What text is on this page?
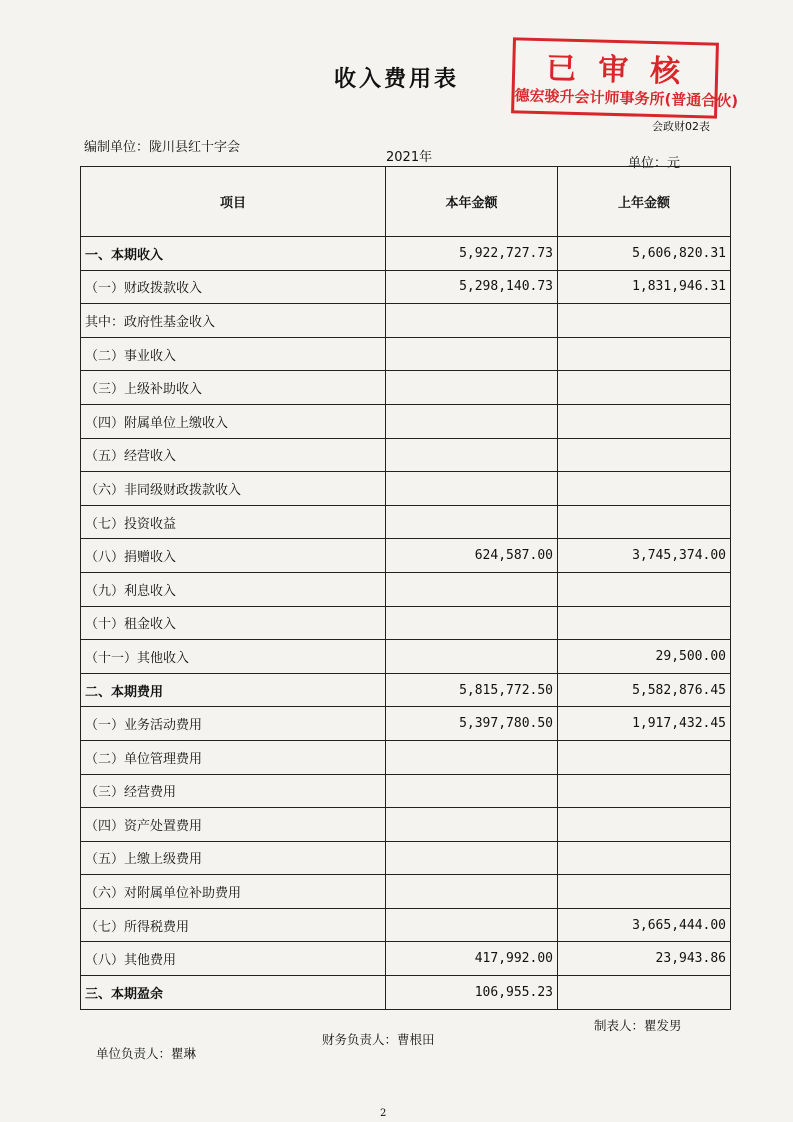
收入费用表	已审核
德宏骏升会计师事务所(普通合伙)
会政财02表
编制单位：陇川县红十字会
2021年	单位：元
项目	本年金额	上年金额
一、本期收入	5,922,727.73	5,606,820.31
（一）财政拨款收入	5,298,140.73	1,831,946.31
其中：政府性基金收入		
（二）事业收入		
（三）上级补助收入		
（四）附属单位上缴收入		
（五）经营收入		
（六）非同级财政拨款收入		
（七）投资收益		
（八）捐赠收入	624,587.00	3,745,374.00
（九）利息收入		
（十）租金收入		
（十一）其他收入		29,500.00
二、本期费用	5,815,772.50	5,582,876.45
（一）业务活动费用	5,397,780.50	1,917,432.45
（二）单位管理费用		
（三）经营费用		
（四）资产处置费用		
（五）上缴上级费用		
（六）对附属单位补助费用		
（七）所得税费用		3,665,444.00
（八）其他费用	417,992.00	23,943.86
三、本期盈余	106,955.23	
制表人：瞿发男
财务负责人：曹根田
单位负责人：瞿琳
2
